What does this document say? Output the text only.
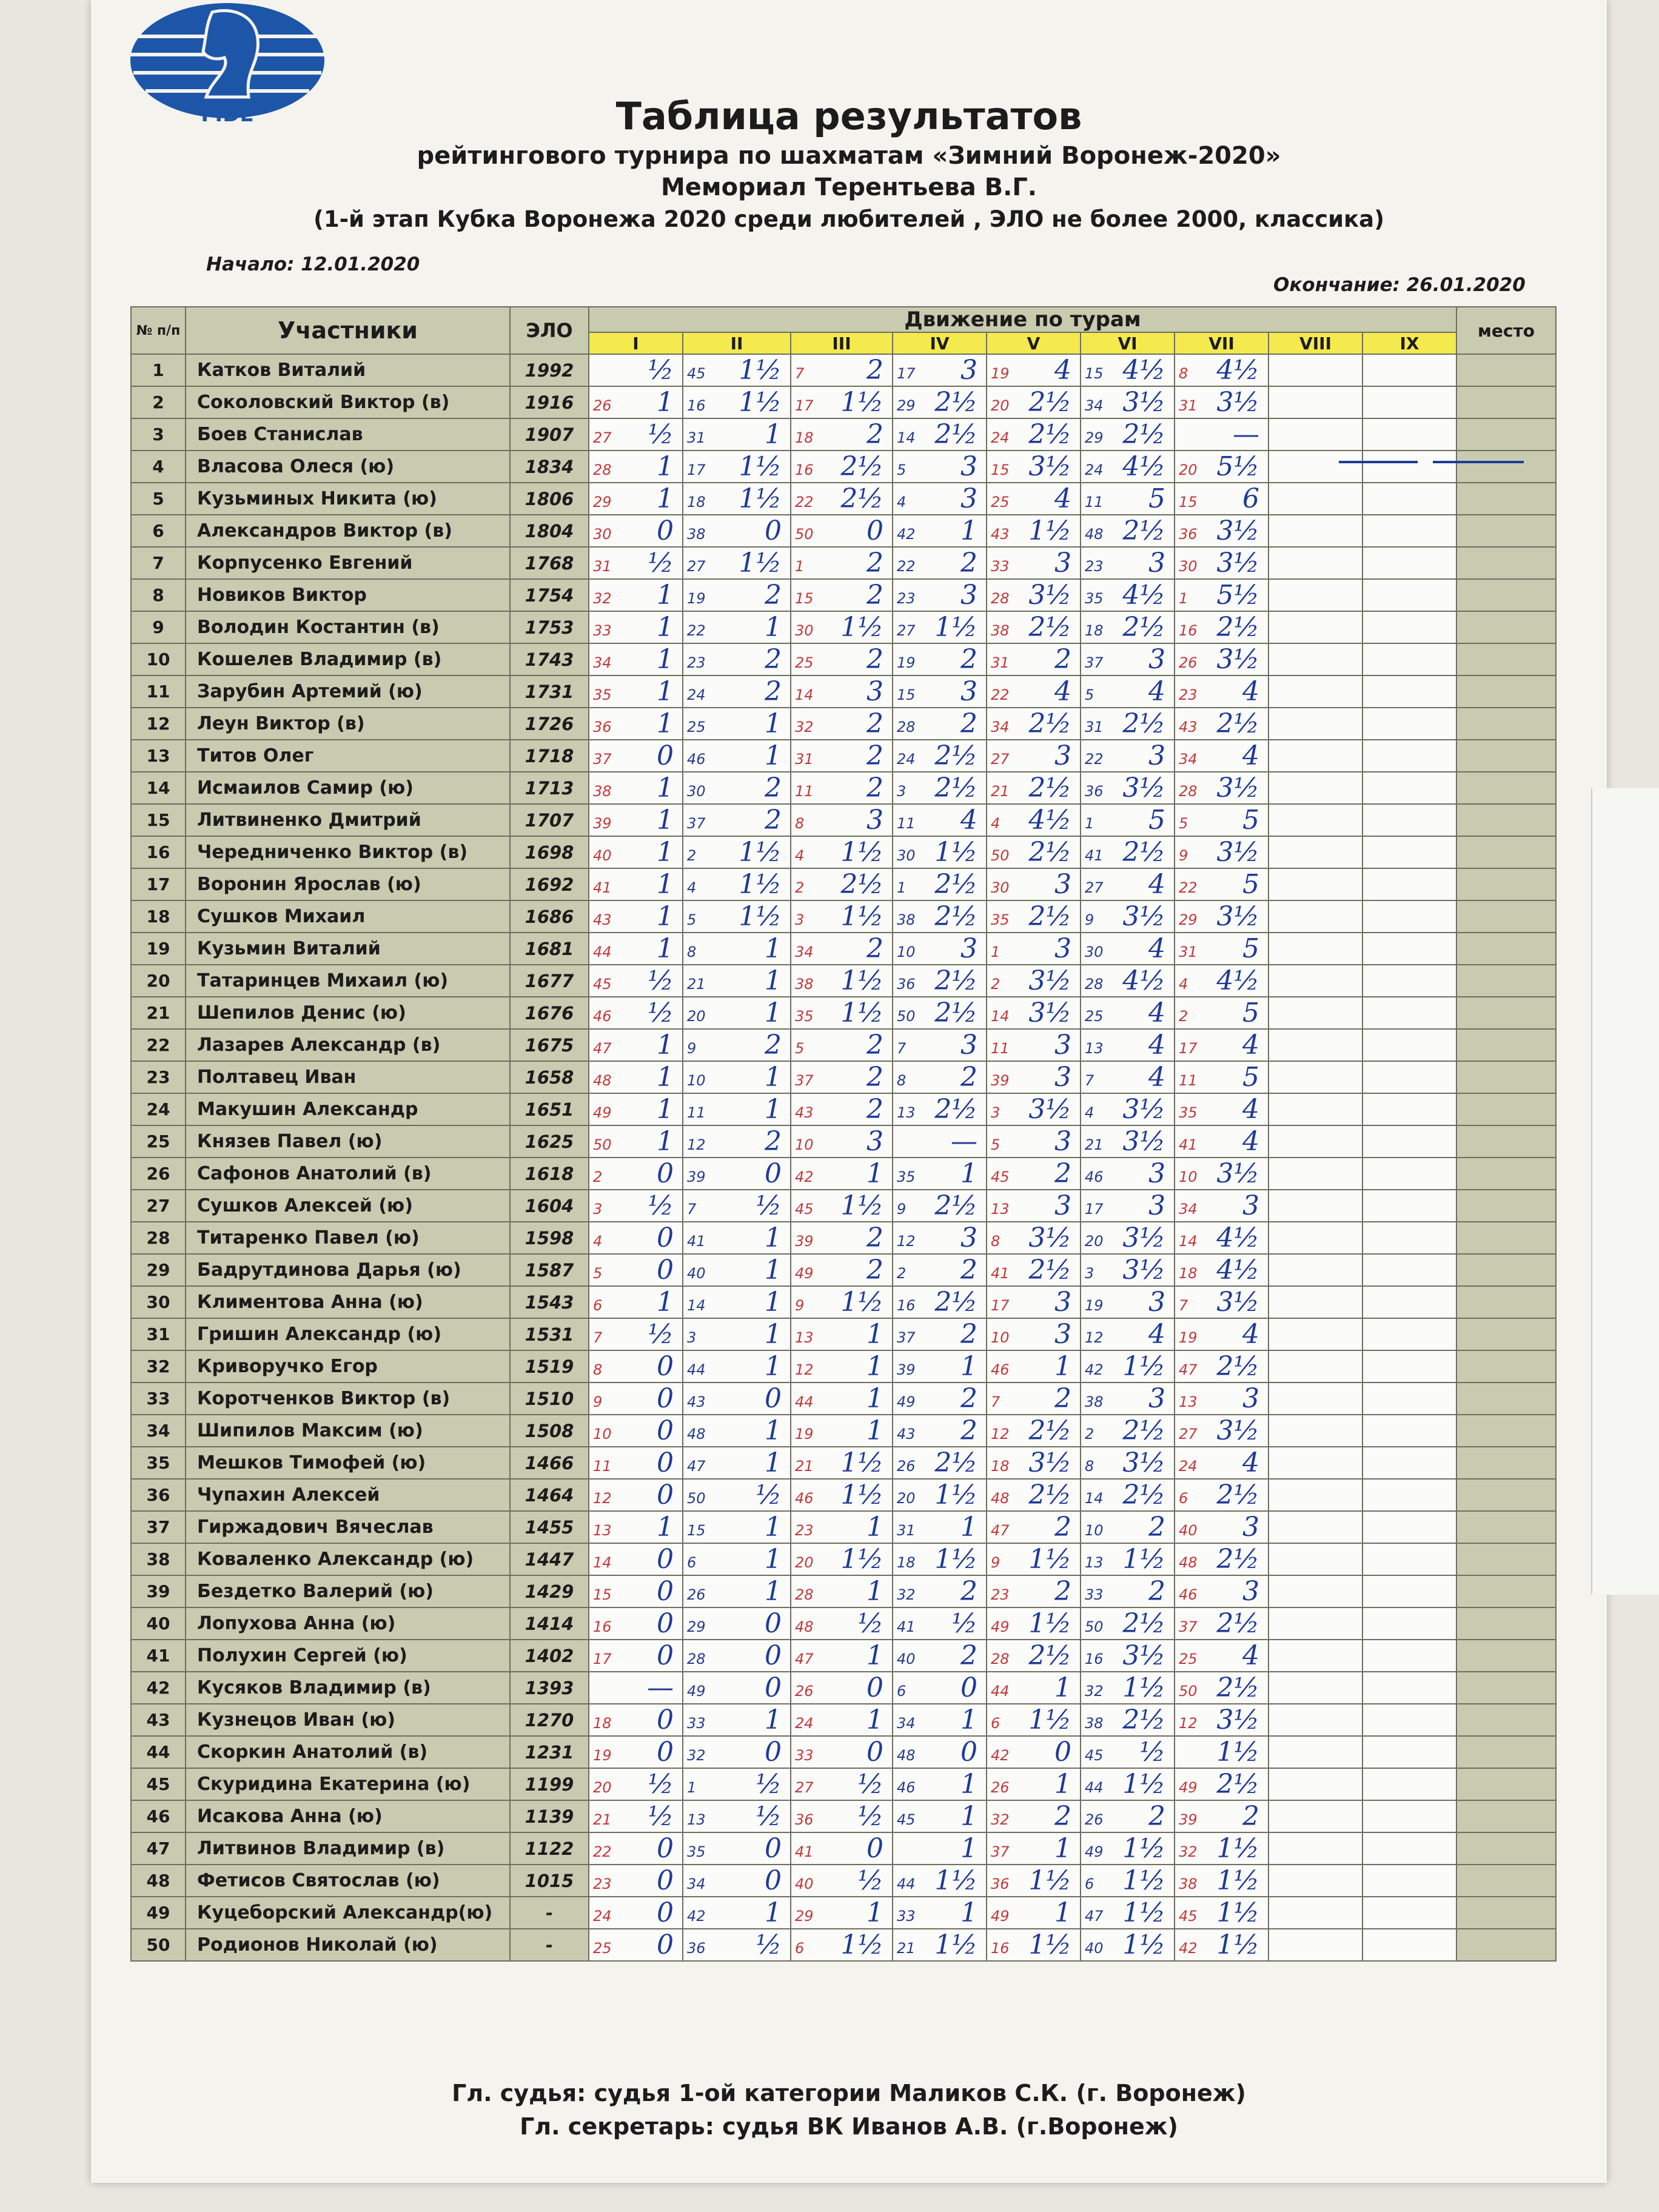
FIDE	Таблица результатов

рейтингового турнира по шахматам «Зимний Воронеж-2020»

Мемориал Терентьева В.Г.

(1-й этап Кубка Воронежа 2020 среди любителей , ЭЛО не более 2000, классика)

Начало: 12.01.2020
Окончание: 26.01.2020
№ п/п	Участники	ЭЛО	Движение по турам									место
			I	II	III	IV	V	VI	VII	VIII	IX	
1	Катков Виталий	1992	½	45 1½	7 2	17 3	19 4	15 4½	8 4½			

2	Соколовский Виктор (в)	1916	26 1	16 1½	17 1½	29 2½	20 2½	34 3½	31 3½			

3	Боев Станислав	1907	27 ½	31 1	18 2	14 2½	24 2½	29 2½	—			

4	Власова Олеся (ю)	1834	28 1	17 1½	16 2½	5 3	15 3½	24 4½	20 5½			

5	Кузьминых Никита (ю)	1806	29 1	18 1½	22 2½	4 3	25 4	11 5	15 6			

6	Александров Виктор (в)	1804	30 0	38 0	50 0	42 1	43 1½	48 2½	36 3½			

7	Корпусенко Евгений	1768	31 ½	27 1½	1 2	22 2	33 3	23 3	30 3½			

8	Новиков Виктор	1754	32 1	19 2	15 2	23 3	28 3½	35 4½	1 5½			

9	Володин Костантин (в)	1753	33 1	22 1	30 1½	27 1½	38 2½	18 2½	16 2½			

10	Кошелев Владимир (в)	1743	34 1	23 2	25 2	19 2	31 2	37 3	26 3½			

11	Зарубин Артемий (ю)	1731	35 1	24 2	14 3	15 3	22 4	5 4	23 4			

12	Леун Виктор (в)	1726	36 1	25 1	32 2	28 2	34 2½	31 2½	43 2½			

13	Титов Олег	1718	37 0	46 1	31 2	24 2½	27 3	22 3	34 4			

14	Исмаилов Самир (ю)	1713	38 1	30 2	11 2	3 2½	21 2½	36 3½	28 3½			

15	Литвиненко Дмитрий	1707	39 1	37 2	8 3	11 4	4 4½	1 5	5 5			

16	Чередниченко Виктор (в)	1698	40 1	2 1½	4 1½	30 1½	50 2½	41 2½	9 3½			

17	Воронин Ярослав (ю)	1692	41 1	4 1½	2 2½	1 2½	30 3	27 4	22 5			

18	Сушков Михаил	1686	43 1	5 1½	3 1½	38 2½	35 2½	9 3½	29 3½			

19	Кузьмин Виталий	1681	44 1	8 1	34 2	10 3	1 3	30 4	31 5			

20	Татаринцев Михаил (ю)	1677	45 ½	21 1	38 1½	36 2½	2 3½	28 4½	4 4½			

21	Шепилов Денис (ю)	1676	46 ½	20 1	35 1½	50 2½	14 3½	25 4	2 5			

22	Лазарев Александр (в)	1675	47 1	9 2	5 2	7 3	11 3	13 4	17 4			

23	Полтавец Иван	1658	48 1	10 1	37 2	8 2	39 3	7 4	11 5			

24	Макушин Александр	1651	49 1	11 1	43 2	13 2½	3 3½	4 3½	35 4			

25	Князев Павел (ю)	1625	50 1	12 2	10 3	—	5 3	21 3½	41 4			

26	Сафонов Анатолий (в)	1618	2 0	39 0	42 1	35 1	45 2	46 3	10 3½			

27	Сушков Алексей (ю)	1604	3 ½	7 ½	45 1½	9 2½	13 3	17 3	34 3			

28	Титаренко Павел (ю)	1598	4 0	41 1	39 2	12 3	8 3½	20 3½	14 4½			

29	Бадрутдинова Дарья (ю)	1587	5 0	40 1	49 2	2 2	41 2½	3 3½	18 4½			

30	Климентова Анна (ю)	1543	6 1	14 1	9 1½	16 2½	17 3	19 3	7 3½			

31	Гришин Александр (ю)	1531	7 ½	3 1	13 1	37 2	10 3	12 4	19 4			

32	Криворучко Егор	1519	8 0	44 1	12 1	39 1	46 1	42 1½	47 2½			

33	Коротченков Виктор (в)	1510	9 0	43 0	44 1	49 2	7 2	38 3	13 3			

34	Шипилов Максим (ю)	1508	10 0	48 1	19 1	43 2	12 2½	2 2½	27 3½			

35	Мешков Тимофей (ю)	1466	11 0	47 1	21 1½	26 2½	18 3½	8 3½	24 4			

36	Чупахин Алексей	1464	12 0	50 ½	46 1½	20 1½	48 2½	14 2½	6 2½			

37	Гиржадович Вячеслав	1455	13 1	15 1	23 1	31 1	47 2	10 2	40 3			

38	Коваленко Александр (ю)	1447	14 0	6 1	20 1½	18 1½	9 1½	13 1½	48 2½			

39	Бездетко Валерий (ю)	1429	15 0	26 1	28 1	32 2	23 2	33 2	46 3			

40	Лопухова Анна (ю)	1414	16 0	29 0	48 ½	41 ½	49 1½	50 2½	37 2½			

41	Полухин Сергей (ю)	1402	17 0	28 0	47 1	40 2	28 2½	16 3½	25 4			

42	Кусяков Владимир (в)	1393	—	49 0	26 0	6 0	44 1	32 1½	50 2½			

43	Кузнецов Иван (ю)	1270	18 0	33 1	24 1	34 1	6 1½	38 2½	12 3½			

44	Скоркин Анатолий (в)	1231	19 0	32 0	33 0	48 0	42 0	45 ½	1½			

45	Скуридина Екатерина (ю)	1199	20 ½	1 ½	27 ½	46 1	26 1	44 1½	49 2½			

46	Исакова Анна (ю)	1139	21 ½	13 ½	36 ½	45 1	32 2	26 2	39 2			

47	Литвинов Владимир (в)	1122	22 0	35 0	41 0	1	37 1	49 1½	32 1½			

48	Фетисов Святослав (ю)	1015	23 0	34 0	40 ½	44 1½	36 1½	6 1½	38 1½			

49	Куцеборский Александр(ю)	-	24 0	42 1	29 1	33 1	49 1	47 1½	45 1½			

50	Родионов Николай (ю)	-	25 0	36 ½	6 1½	21 1½	16 1½	40 1½	42 1½			

Гл. судья: судья 1-ой категории Маликов С.К. (г. Воронеж)
Гл. секретарь: судья ВК Иванов А.В. (г.Воронеж)
